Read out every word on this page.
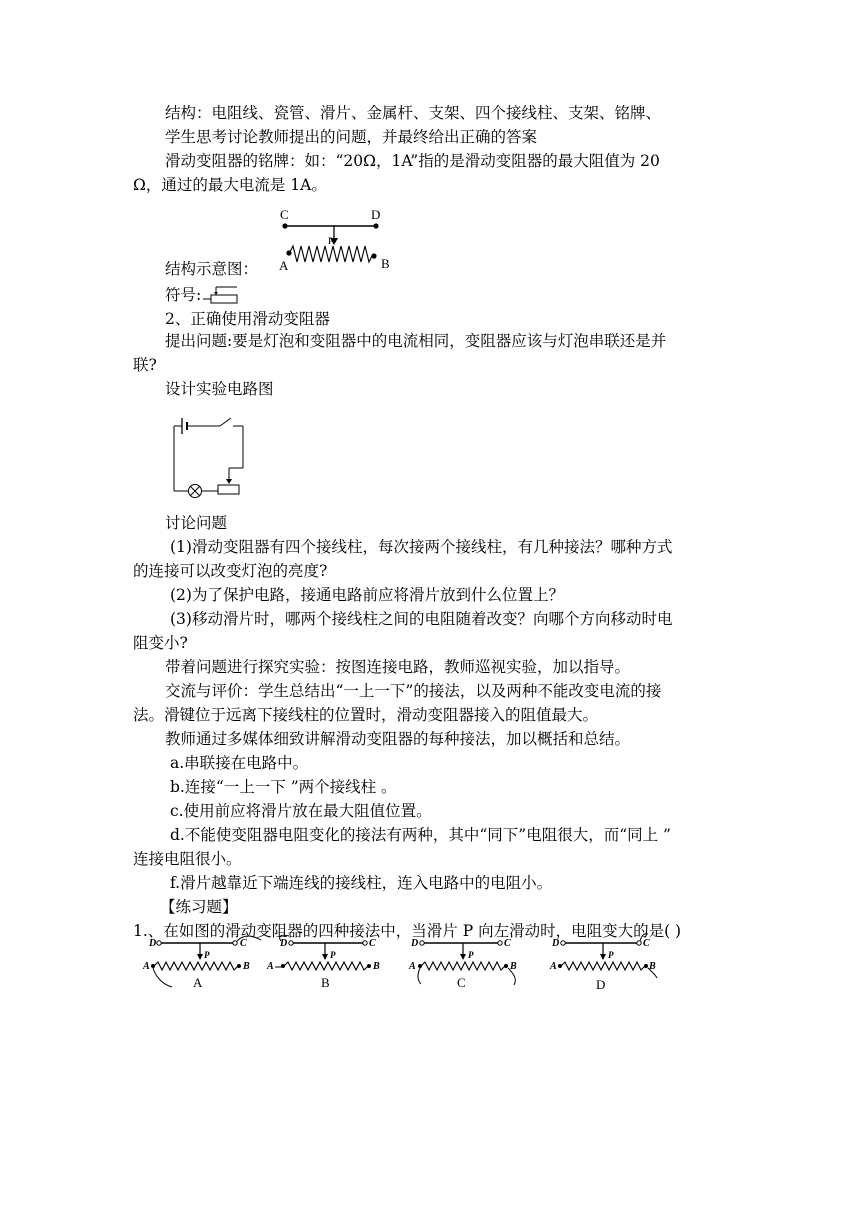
结构：电阻线、瓷管、滑片、金属杆、支架、四个接线柱、支架、铭牌、
学生思考讨论教师提出的问题，并最终给出正确的答案
滑动变阻器的铭牌：如：“20Ω，1A”指的是滑动变阻器的最大阻值为 20
Ω，通过的最大电流是 1A。
C	D
P
A	B
结构示意图：
符号:
2、正确使用滑动变阻器
提出问题:要是灯泡和变阻器中的电流相同，变阻器应该与灯泡串联还是并
联?
设计实验电路图
讨论问题
(1)滑动变阻器有四个接线柱，每次接两个接线柱，有几种接法？哪种方式
的连接可以改变灯泡的亮度?
(2)为了保护电路，接通电路前应将滑片放到什么位置上？
(3)移动滑片时，哪两个接线柱之间的电阻随着改变？向哪个方向移动时电
阻变小?
带着问题进行探究实验：按图连接电路，教师巡视实验，加以指导。
交流与评价：学生总结出“一上一下”的接法，以及两种不能改变电流的接
法。滑键位于远离下接线柱的位置时，滑动变阻器接入的阻值最大。
教师通过多媒体细致讲解滑动变阻器的每种接法，加以概括和总结。
a.串联接在电路中。
b.连接“一上一下 ”两个接线柱 。
c.使用前应将滑片放在最大阻值位置。
d.不能使变阻器电阻变化的接法有两种，其中“同下”电阻很大，而“同上 ”
连接电阻很小。
f.滑片越靠近下端连线的接线柱，连入电路中的电阻小。
【练习题】
1.、在如图的滑动变阻器的四种接法中，当滑片 P 向左滑动时，电阻变大的是( )
D	C
P
A	B
A
D	C
P
A	B
B
D	C
P
A	B
C
D	C
P
A	B
D
